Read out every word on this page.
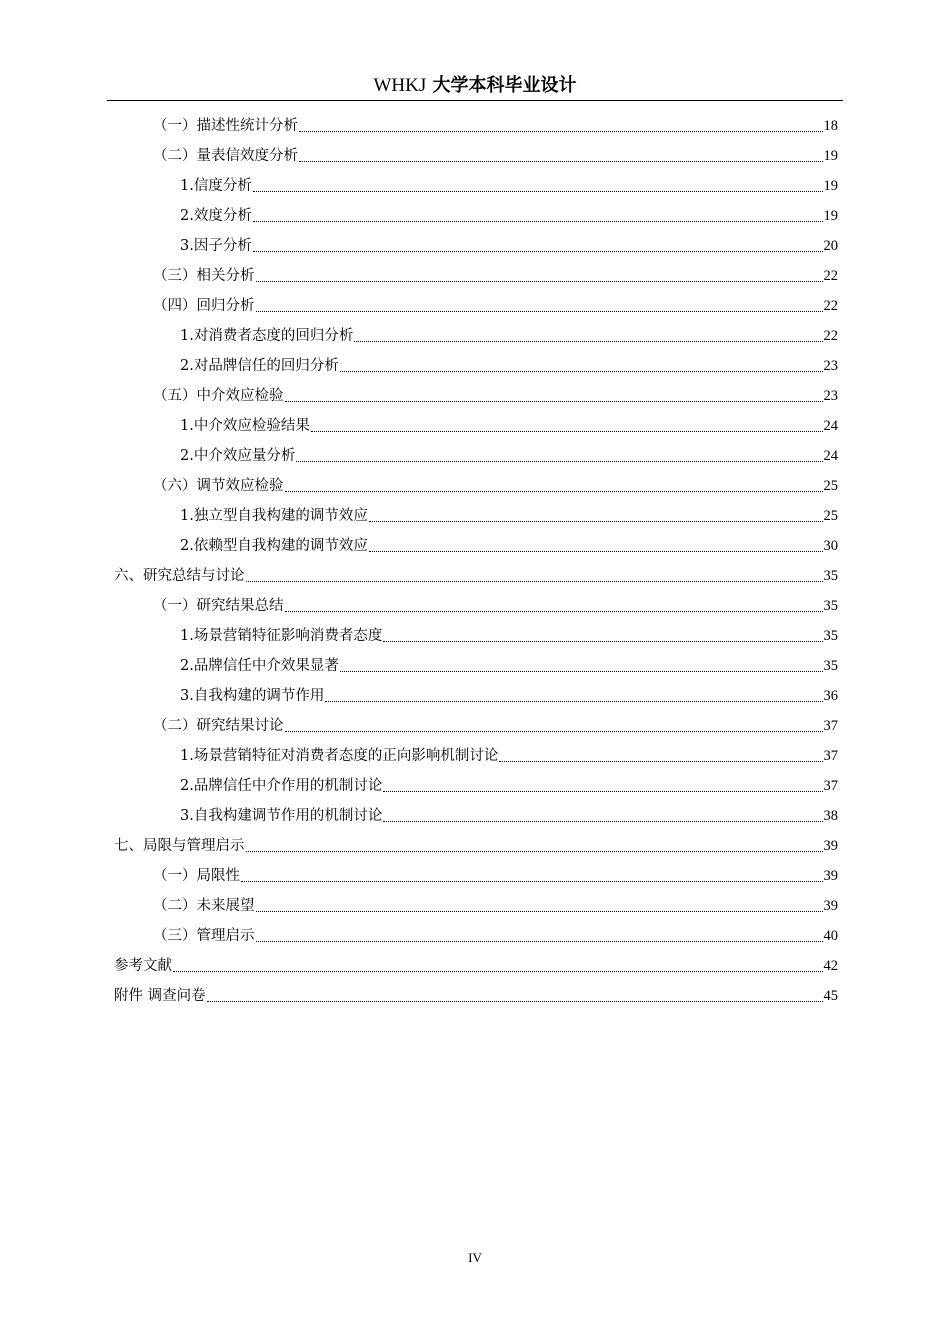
WHKJ 大学本科毕业设计
（一）描述性统计分析	18
（二）量表信效度分析	19
1.信度分析	19
2.效度分析	19
3.因子分析	20
（三）相关分析	22
（四）回归分析	22
1.对消费者态度的回归分析	22
2.对品牌信任的回归分析	23
（五）中介效应检验	23
1.中介效应检验结果	24
2.中介效应量分析	24
（六）调节效应检验	25
1.独立型自我构建的调节效应	25
2.依赖型自我构建的调节效应	30
六、研究总结与讨论	35
（一）研究结果总结	35
1.场景营销特征影响消费者态度	35
2.品牌信任中介效果显著	35
3.自我构建的调节作用	36
（二）研究结果讨论	37
1.场景营销特征对消费者态度的正向影响机制讨论	37
2.品牌信任中介作用的机制讨论	37
3.自我构建调节作用的机制讨论	38
七、局限与管理启示	39
（一）局限性	39
（二）未来展望	39
（三）管理启示	40
参考文献	42
附件 调查问卷	45
IV
